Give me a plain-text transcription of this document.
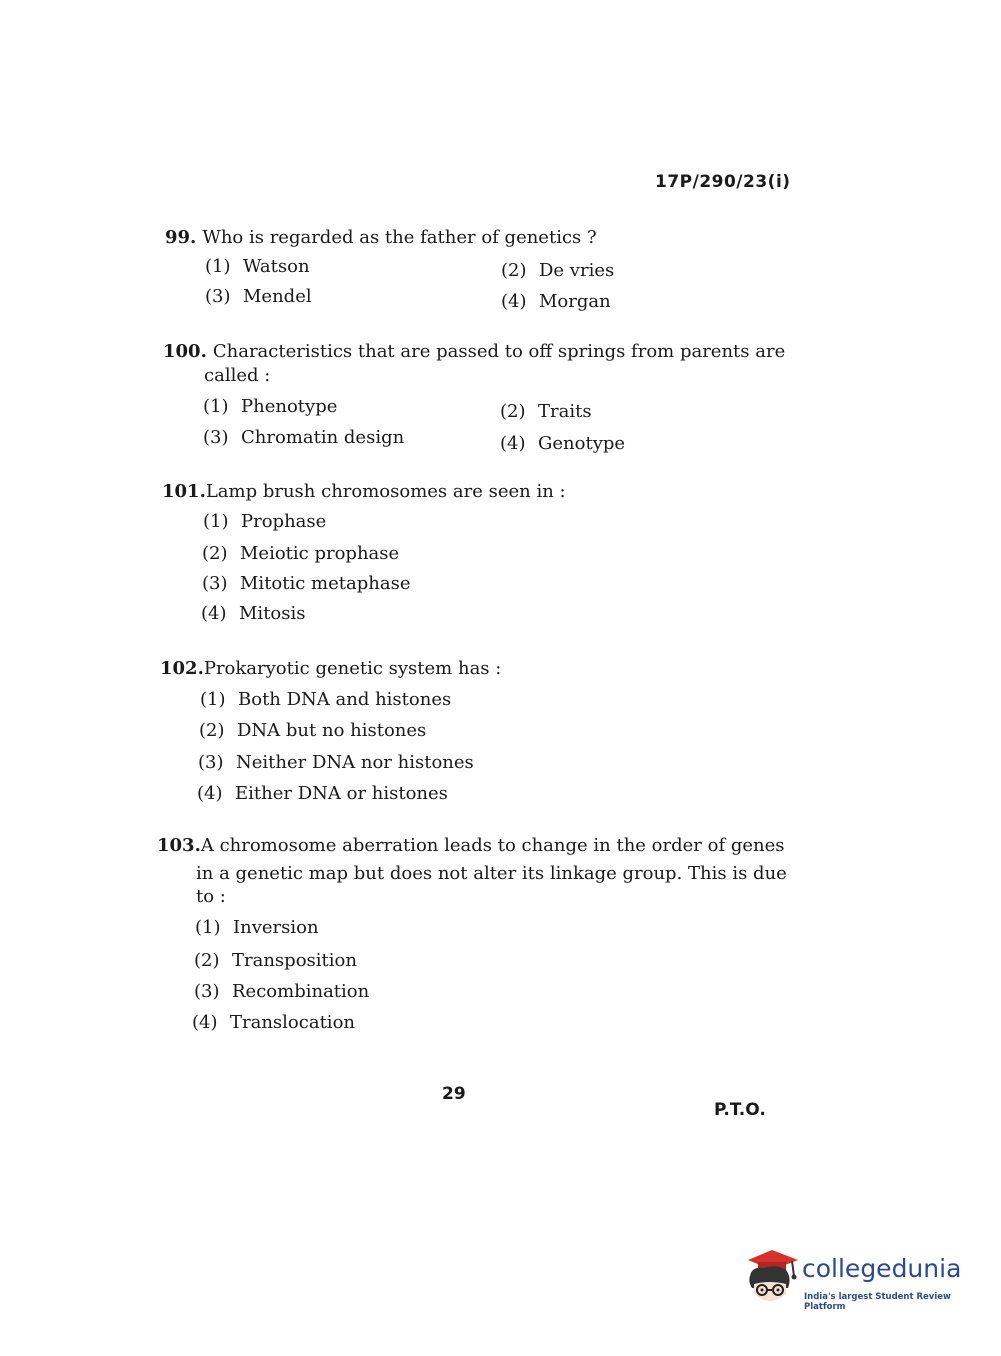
17P/290/23(i)
99. Who is regarded as the father of genetics ?
(1) Watson	(2) De vries
(3) Mendel	(4) Morgan
100. Characteristics that are passed to off springs from parents are
called :
(1) Phenotype	(2) Traits
(3) Chromatin design	(4) Genotype
101.Lamp brush chromosomes are seen in :
(1) Prophase
(2) Meiotic prophase
(3) Mitotic metaphase
(4) Mitosis
102.Prokaryotic genetic system has :
(1) Both DNA and histones
(2) DNA but no histones
(3) Neither DNA nor histones
(4) Either DNA or histones
103.A chromosome aberration leads to change in the order of genes
in a genetic map but does not alter its linkage group. This is due
to :
(1) Inversion
(2) Transposition
(3) Recombination
(4) Translocation
29
P.T.O.
collegedunia
India's largest Student Review Platform
